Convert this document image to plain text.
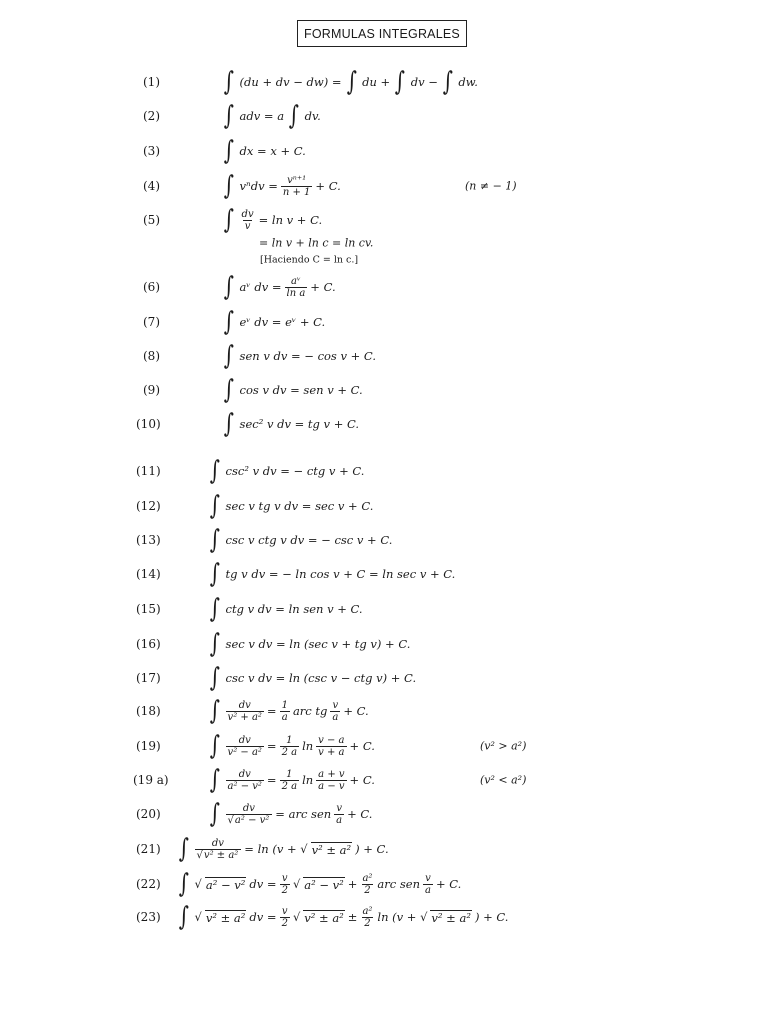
FORMULAS INTEGRALES
(1) ∫ (du + dv − dw) = ∫ du + ∫ dv − ∫ dw.
(2) ∫ adv = a ∫ dv.
(3) ∫ dx = x + C.
(4) ∫ $v^ndv = \frac{\text{vⁿ⁺¹}}{n + 1} + C$.	(n ≠ − 1)
(5) ∫ $\frac{dv}{v} = \ln v + C$.
= ln v + ln c = ln cv.
[Haciendo C = ln c.]
(6) ∫ aᵛ dv = $\frac{\text{aᵛ}}{\text{ln a}} + C$.
(7) ∫ eᵛ dv = eᵛ + C.
(8) ∫ sen v dv = − cos v + C.
(9) ∫ cos v dv = sen v + C.
(10) ∫ sec² v dv = tg v + C.
(11) ∫ csc² v dv = − ctg v + C.
(12) ∫ sec v tg v dv = sec v + C.
(13) ∫ csc v ctg v dv = − csc v + C.
(14) ∫ tg v dv = − ln cos v + C = ln sec v + C.
(15) ∫ ctg v dv = ln sen v + C.
(16) ∫ sec v dv = ln (sec v + tg v) + C.
(17) ∫ csc v dv = ln (csc v − ctg v) + C.
(18) ∫ $\frac{dv}{\text{v² + a²}} = \frac{1}{a}$ arc tg $\frac{v}{a} + C$.
(19) ∫ $\frac{dv}{\text{v² − a²}} = \frac{1}{2 a}$ $\ln \frac{v - a}{v + a} + C$.	(v² > a²)
(19 a) ∫ $\frac{dv}{\text{a² − v²}} = \frac{1}{2 a}$ $\ln \frac{a + v}{a - v} + C$.	(v² < a²)
(20) ∫ $\frac{dv}{\text{√a² − v²}}$ = arc sen $\frac{v}{a} + C$.
(21) ∫ $\frac{dv}{\text{√v² ± a²}} = \ln (v$ + √ v² ± a² ) + C.
(22) ∫ √ a² − v² dv = $\frac{v}{2}$ √ $a^2 - v^2 + \frac{\text{a²}}{2}$ arc sen $\frac{v}{a} + C$.
(23) ∫ √ v² ± a² dv = $\frac{v}{2}$ √ $v^2 \pm a^2 \pm \frac{\text{a²}}{2}$ ln (v + √ v² ± a² ) + C.
